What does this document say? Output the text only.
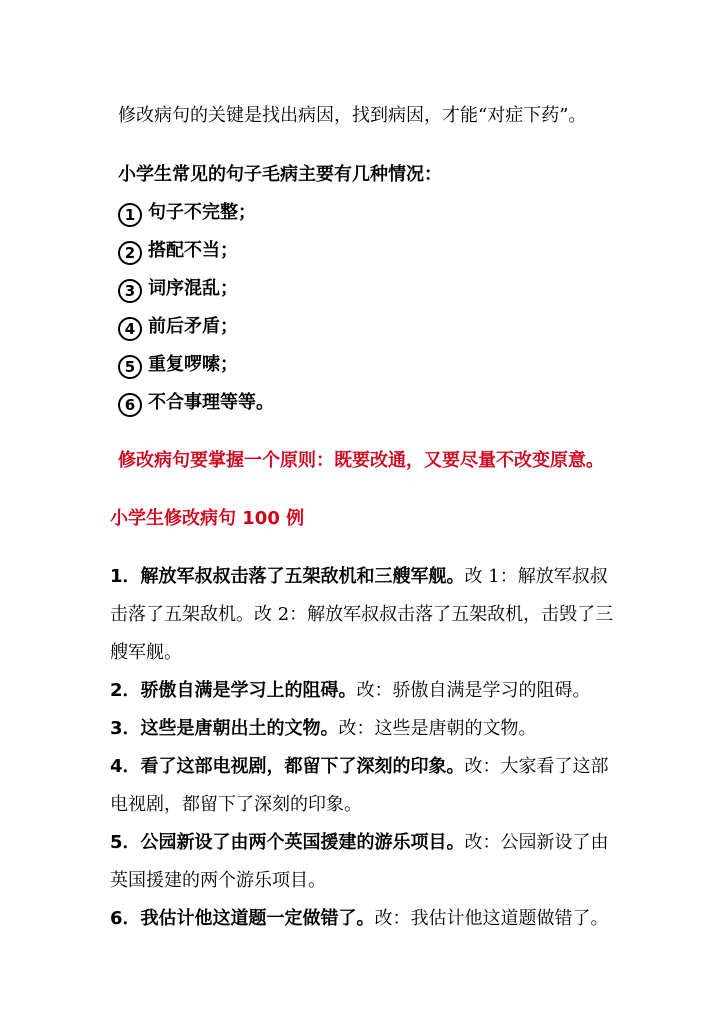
修改病句的关键是找出病因，找到病因，才能“对症下药”。
小学生常见的句子毛病主要有几种情况：
1 句子不完整；
2 搭配不当；
3 词序混乱；
4 前后矛盾；
5 重复啰嗦；
6 不合事理等等。
修改病句要掌握一个原则：既要改通，又要尽量不改变原意。
小学生修改病句 100 例
1．解放军叔叔击落了五架敌机和三艘军舰。改 1：解放军叔叔击落了五架敌机。改 2：解放军叔叔击落了五架敌机，击毁了三艘军舰。
2．骄傲自满是学习上的阻碍。改：骄傲自满是学习的阻碍。
3．这些是唐朝出土的文物。改：这些是唐朝的文物。
4．看了这部电视剧，都留下了深刻的印象。改：大家看了这部电视剧，都留下了深刻的印象。
5．公园新设了由两个英国援建的游乐项目。改：公园新设了由英国援建的两个游乐项目。
6．我估计他这道题一定做错了。改：我估计他这道题做错了。
